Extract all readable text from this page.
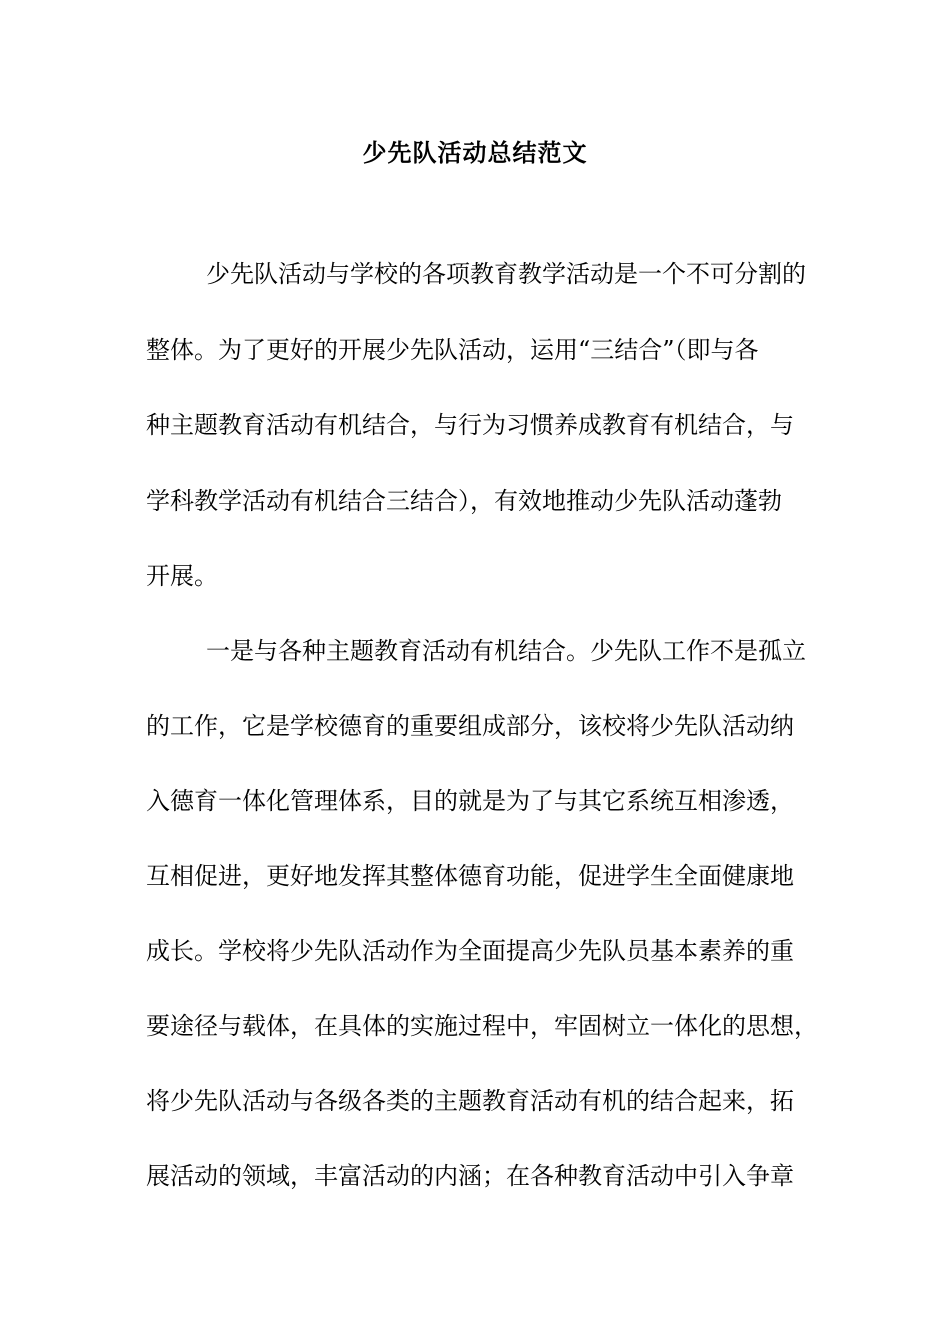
少先队活动总结范文
少先队活动与学校的各项教育教学活动是一个不可分割的
整体。为了更好的开展少先队活动，运用“三结合”（即与各
种主题教育活动有机结合，与行为习惯养成教育有机结合，与
学科教学活动有机结合三结合），有效地推动少先队活动蓬勃
开展。
一是与各种主题教育活动有机结合。少先队工作不是孤立
的工作，它是学校德育的重要组成部分，该校将少先队活动纳
入德育一体化管理体系，目的就是为了与其它系统互相渗透，
互相促进，更好地发挥其整体德育功能，促进学生全面健康地
成长。学校将少先队活动作为全面提高少先队员基本素养的重
要途径与载体，在具体的实施过程中，牢固树立一体化的思想，
将少先队活动与各级各类的主题教育活动有机的结合起来，拓
展活动的领域，丰富活动的内涵；在各种教育活动中引入争章
